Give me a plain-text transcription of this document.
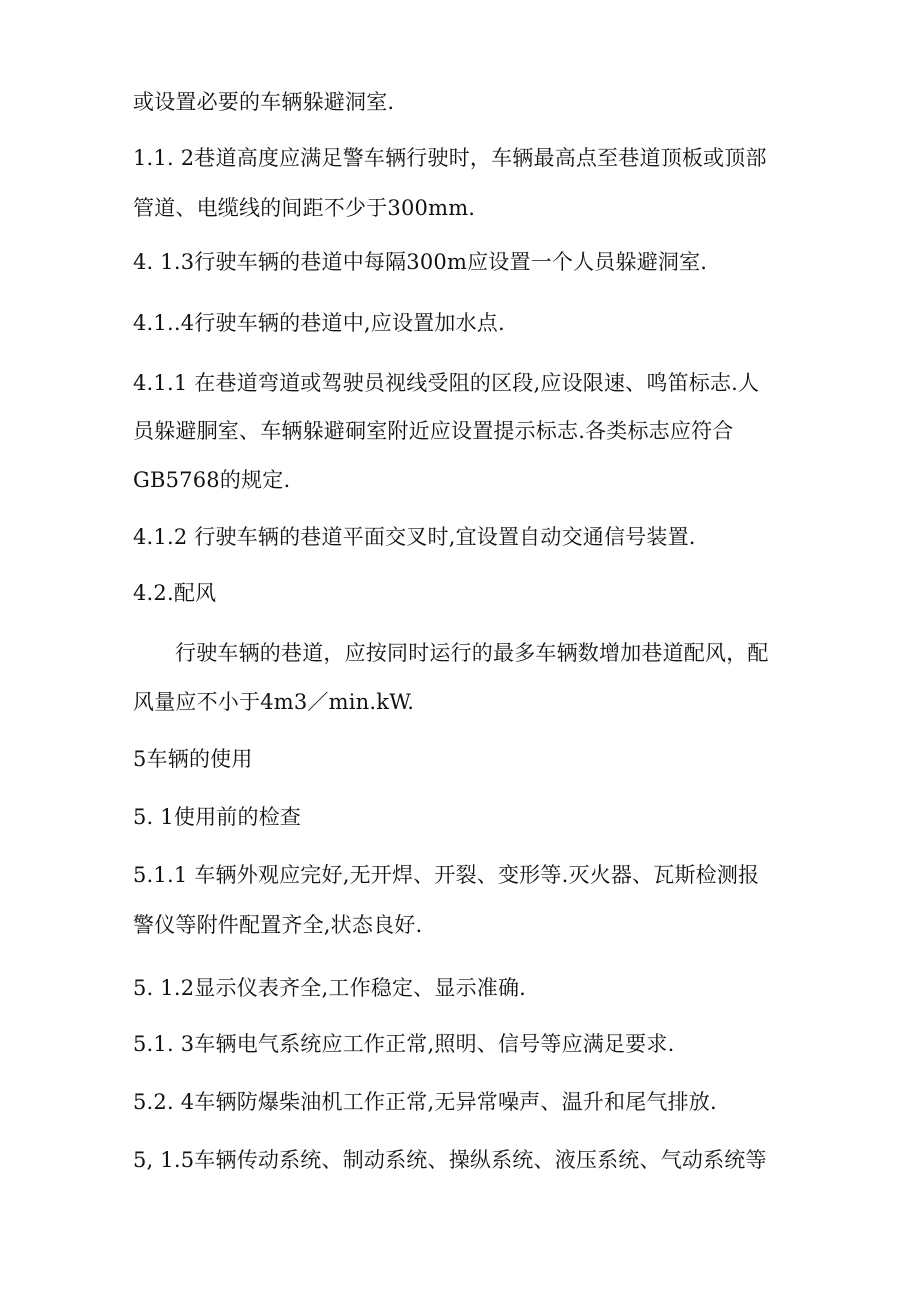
或设置必要的车辆躲避洞室.
1.1. 2巷道高度应满足警车辆行驶时，车辆最高点至巷道顶板或顶部
管道、电缆线的间距不少于300mm.
4. 1.3行驶车辆的巷道中每隔300m应设置一个人员躲避洞室.
4.1..4行驶车辆的巷道中,应设置加水点.
4.1.1 在巷道弯道或驾驶员视线受阻的区段,应设限速、鸣笛标志.人
员躲避胴室、车辆躲避硐室附近应设置提示标志.各类标志应符合
GB5768的规定.
4.1.2 行驶车辆的巷道平面交叉时,宜设置自动交通信号装置.
4.2.配风
行驶车辆的巷道，应按同时运行的最多车辆数增加巷道配风，配
风量应不小于4m3／min.kW.
5车辆的使用
5. 1使用前的检查
5.1.1 车辆外观应完好,无开焊、开裂、变形等.灭火器、瓦斯检测报
警仪等附件配置齐全,状态良好.
5. 1.2显示仪表齐全,工作稳定、显示准确.
5.1. 3车辆电气系统应工作正常,照明、信号等应满足要求.
5.2. 4车辆防爆柴油机工作正常,无异常噪声、温升和尾气排放.
5, 1.5车辆传动系统、制动系统、操纵系统、液压系统、气动系统等
